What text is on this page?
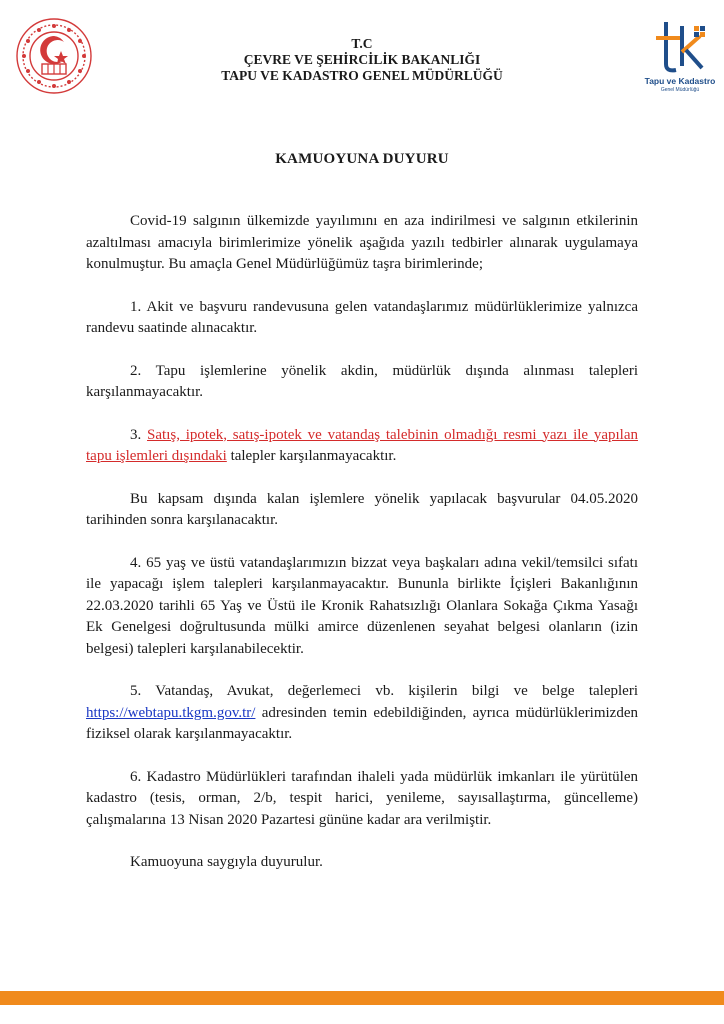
T.C
ÇEVRE VE ŞEHİRCİLİK BAKANLIĞI
TAPU VE KADASTRO GENEL MÜDÜRLÜĞÜ	Tapu ve Kadastro
Genel Müdürlüğü
KAMUOYUNA DUYURU

Covid-19 salgının ülkemizde yayılımını en aza indirilmesi ve salgının etkilerinin azaltılması amacıyla birimlerimize yönelik aşağıda yazılı tedbirler alınarak uygulamaya konulmuştur. Bu amaçla Genel Müdürlüğümüz taşra birimlerinde;

1. Akit ve başvuru randevusuna gelen vatandaşlarımız müdürlüklerimize yalnızca randevu saatinde alınacaktır.

2. Tapu işlemlerine yönelik akdin, müdürlük dışında alınması talepleri karşılanmayacaktır.

3. Satış, ipotek, satış-ipotek ve vatandaş talebinin olmadığı resmi yazı ile yapılan tapu işlemleri dışındaki talepler karşılanmayacaktır.

Bu kapsam dışında kalan işlemlere yönelik yapılacak başvurular 04.05.2020 tarihinden sonra karşılanacaktır.

4. 65 yaş ve üstü vatandaşlarımızın bizzat veya başkaları adına vekil/temsilci sıfatı ile yapacağı işlem talepleri karşılanmayacaktır. Bununla birlikte İçişleri Bakanlığının 22.03.2020 tarihli 65 Yaş ve Üstü ile Kronik Rahatsızlığı Olanlara Sokağa Çıkma Yasağı Ek Genelgesi doğrultusunda mülki amirce düzenlenen seyahat belgesi olanların (izin belgesi) talepleri karşılanabilecektir.

5. Vatandaş, Avukat, değerlemeci vb. kişilerin bilgi ve belge talepleri https://webtapu.tkgm.gov.tr/ adresinden temin edebildiğinden, ayrıca müdürlüklerimizden fiziksel olarak karşılanmayacaktır.

6. Kadastro Müdürlükleri tarafından ihaleli yada müdürlük imkanları ile yürütülen kadastro (tesis, orman, 2/b, tespit harici, yenileme, sayısallaştırma, güncelleme) çalışmalarına 13 Nisan 2020 Pazartesi gününe kadar ara verilmiştir.

Kamuoyuna saygıyla duyurulur.
